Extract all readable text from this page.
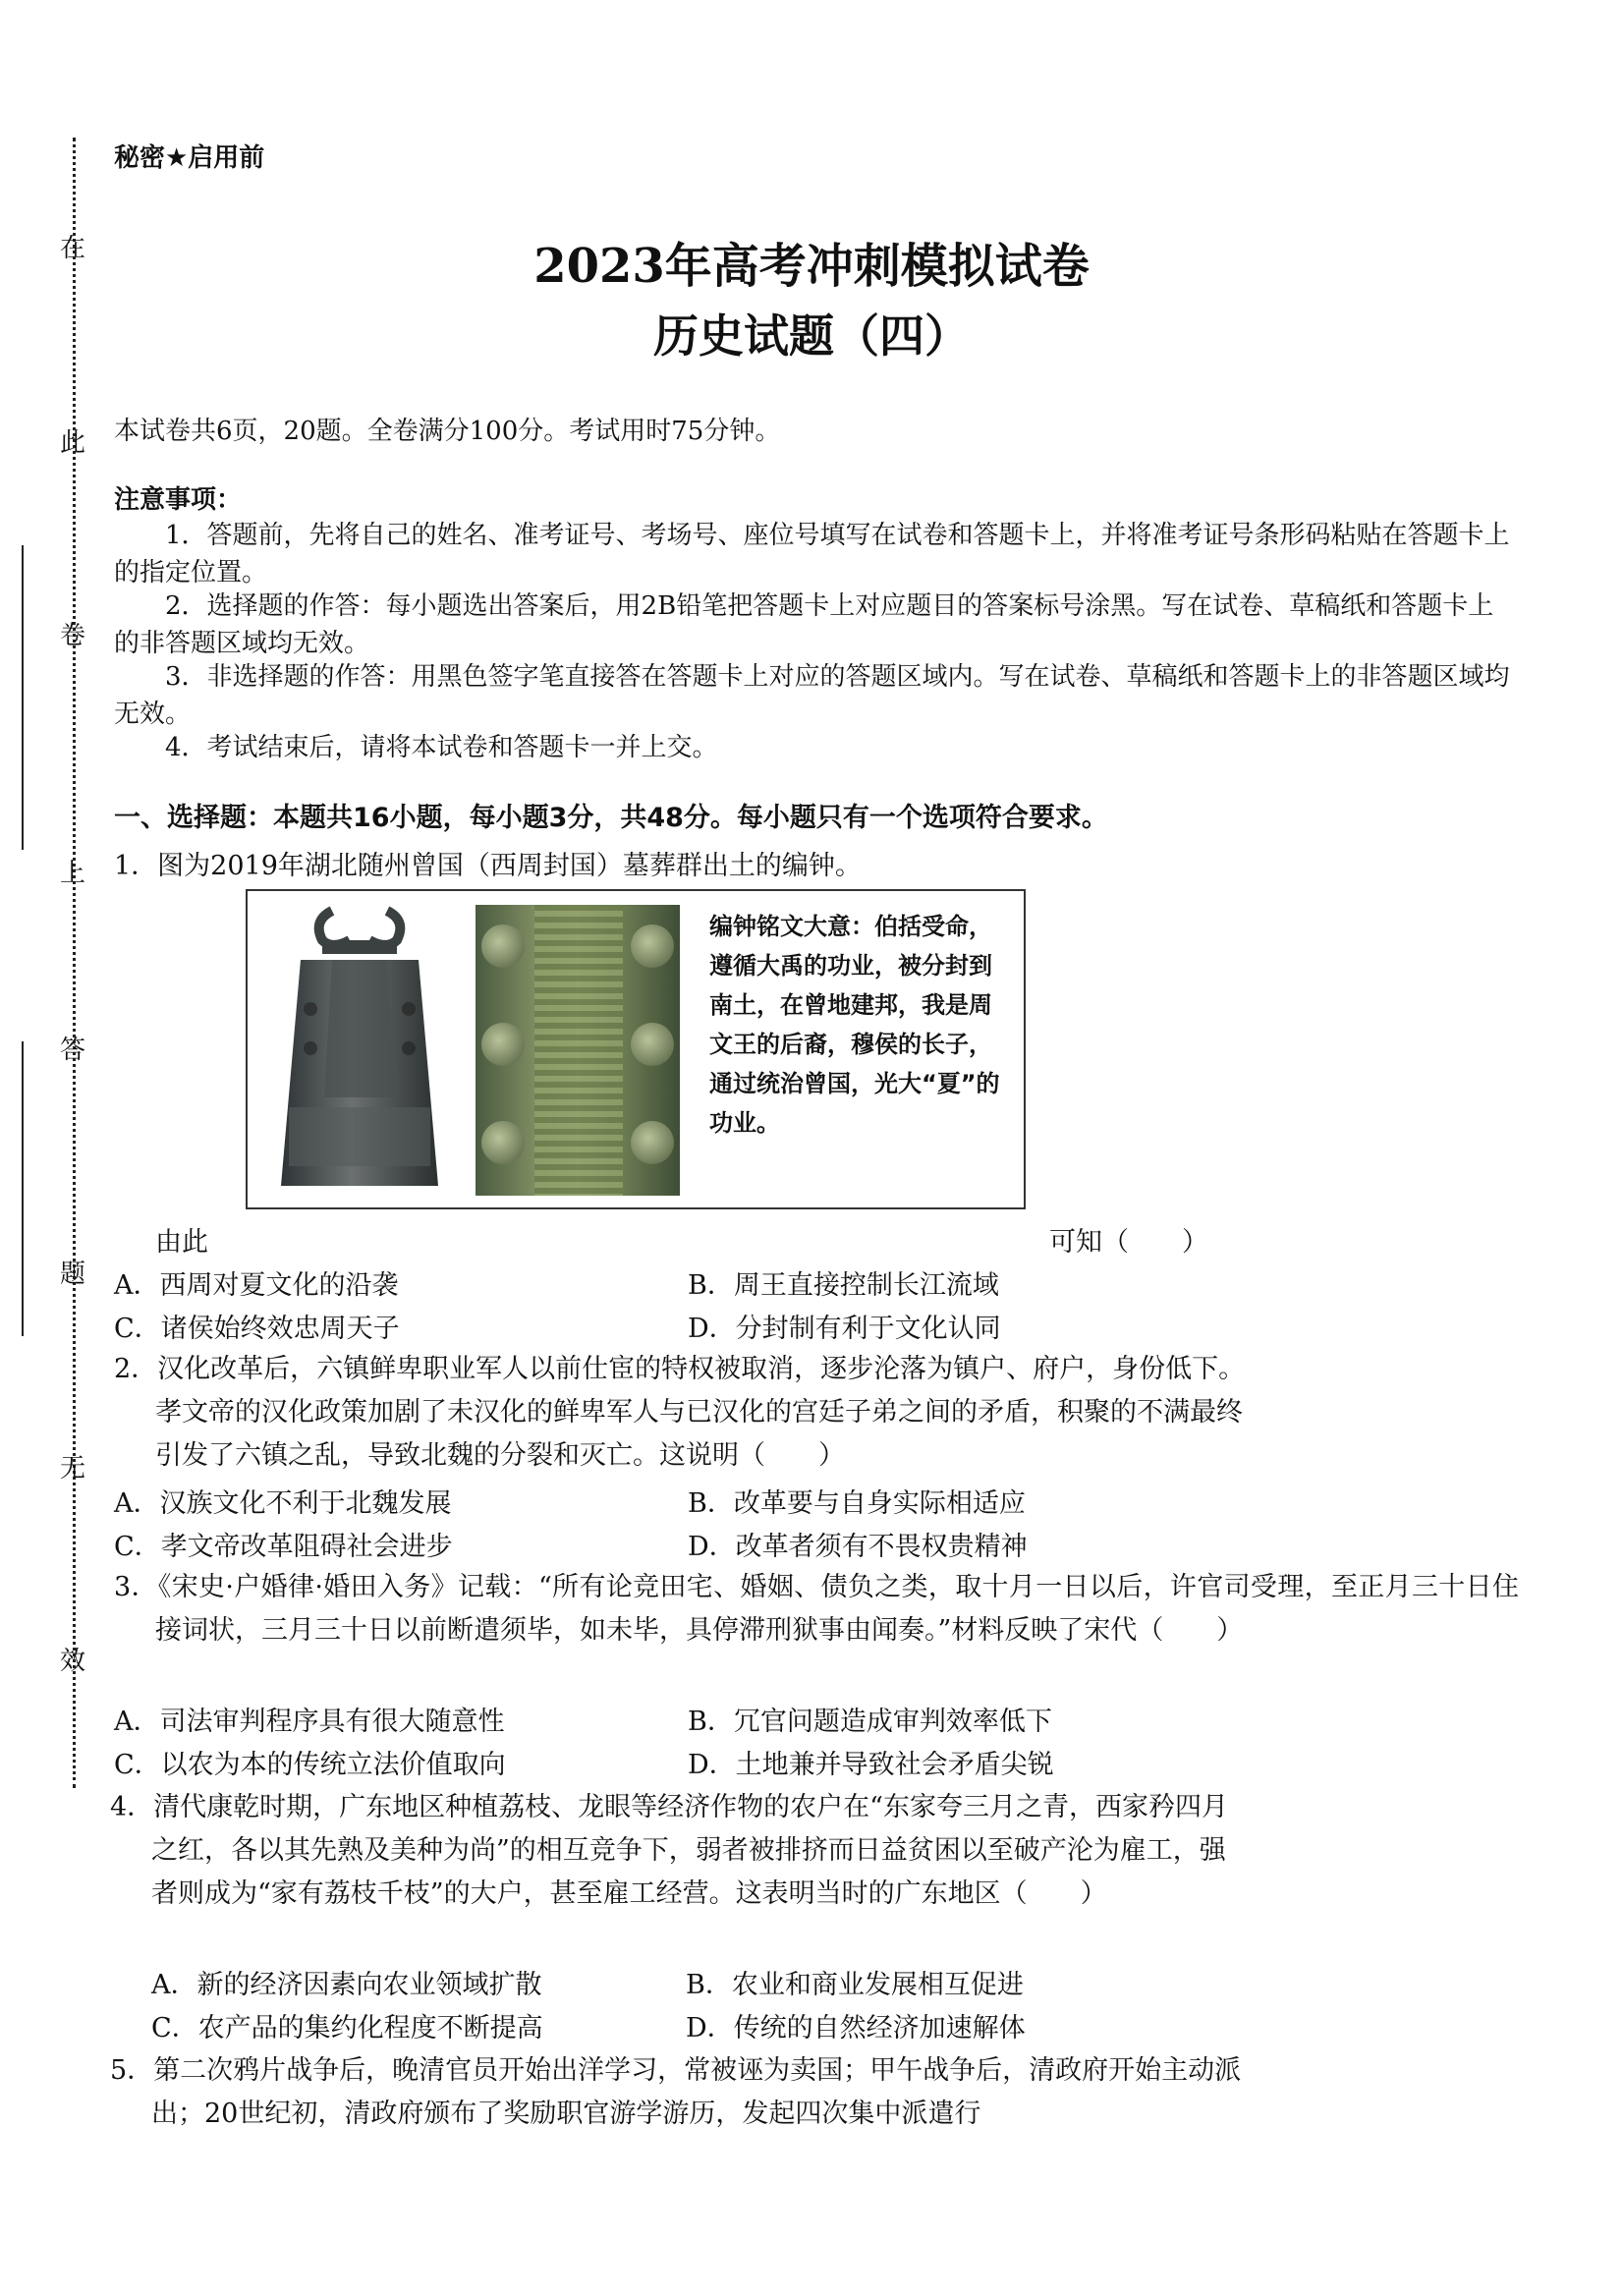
在
此
卷
上
答
题
无
效
秘密★启用前
2023年高考冲刺模拟试卷
历史试题（四）
本试卷共6页，20题。全卷满分100分。考试用时75分钟。
注意事项：
1．答题前，先将自己的姓名、准考证号、考场号、座位号填写在试卷和答题卡上，并将准考证号条形码粘贴在答题卡上的指定位置。
2．选择题的作答：每小题选出答案后，用2B铅笔把答题卡上对应题目的答案标号涂黑。写在试卷、草稿纸和答题卡上的非答题区域均无效。
3．非选择题的作答：用黑色签字笔直接答在答题卡上对应的答题区域内。写在试卷、草稿纸和答题卡上的非答题区域均无效。
4．考试结束后，请将本试卷和答题卡一并上交。
一、选择题：本题共16小题，每小题3分，共48分。每小题只有一个选项符合要求。
1．图为2019年湖北随州曾国（西周封国）墓葬群出土的编钟。
编钟铭文大意：伯括受命，遵循大禹的功业，被分封到南土，在曾地建邦，我是周文王的后裔，穆侯的长子，通过统治曾国，光大“夏”的功业。
由此	可知（　　）
A．西周对夏文化的沿袭	B．周王直接控制长江流域
C．诸侯始终效忠周天子	D．分封制有利于文化认同
2．汉化改革后，六镇鲜卑职业军人以前仕宦的特权被取消，逐步沦落为镇户、府户，身份低下。孝文帝的汉化政策加剧了未汉化的鲜卑军人与已汉化的宫廷子弟之间的矛盾，积聚的不满最终引发了六镇之乱，导致北魏的分裂和灭亡。这说明（　　）
A．汉族文化不利于北魏发展	B．改革要与自身实际相适应
C．孝文帝改革阻碍社会进步	D．改革者须有不畏权贵精神
3．《宋史·户婚律·婚田入务》记载：“所有论竞田宅、婚姻、债负之类，取十月一日以后，许官司受理，至正月三十日住接词状，三月三十日以前断遣须毕，如未毕，具停滞刑狱事由闻奏。”材料反映了宋代（　　）
A．司法审判程序具有很大随意性	B．冗官问题造成审判效率低下
C．以农为本的传统立法价值取向	D．土地兼并导致社会矛盾尖锐
4．清代康乾时期，广东地区种植荔枝、龙眼等经济作物的农户在“东家夸三月之青，西家矜四月之红，各以其先熟及美种为尚”的相互竞争下，弱者被排挤而日益贫困以至破产沦为雇工，强者则成为“家有荔枝千枝”的大户，甚至雇工经营。这表明当时的广东地区（　　）
A．新的经济因素向农业领域扩散	B．农业和商业发展相互促进
C．农产品的集约化程度不断提高	D．传统的自然经济加速解体
5．第二次鸦片战争后，晚清官员开始出洋学习，常被诬为卖国；甲午战争后，清政府开始主动派出；20世纪初，清政府颁布了奖励职官游学游历，发起四次集中派遣行
